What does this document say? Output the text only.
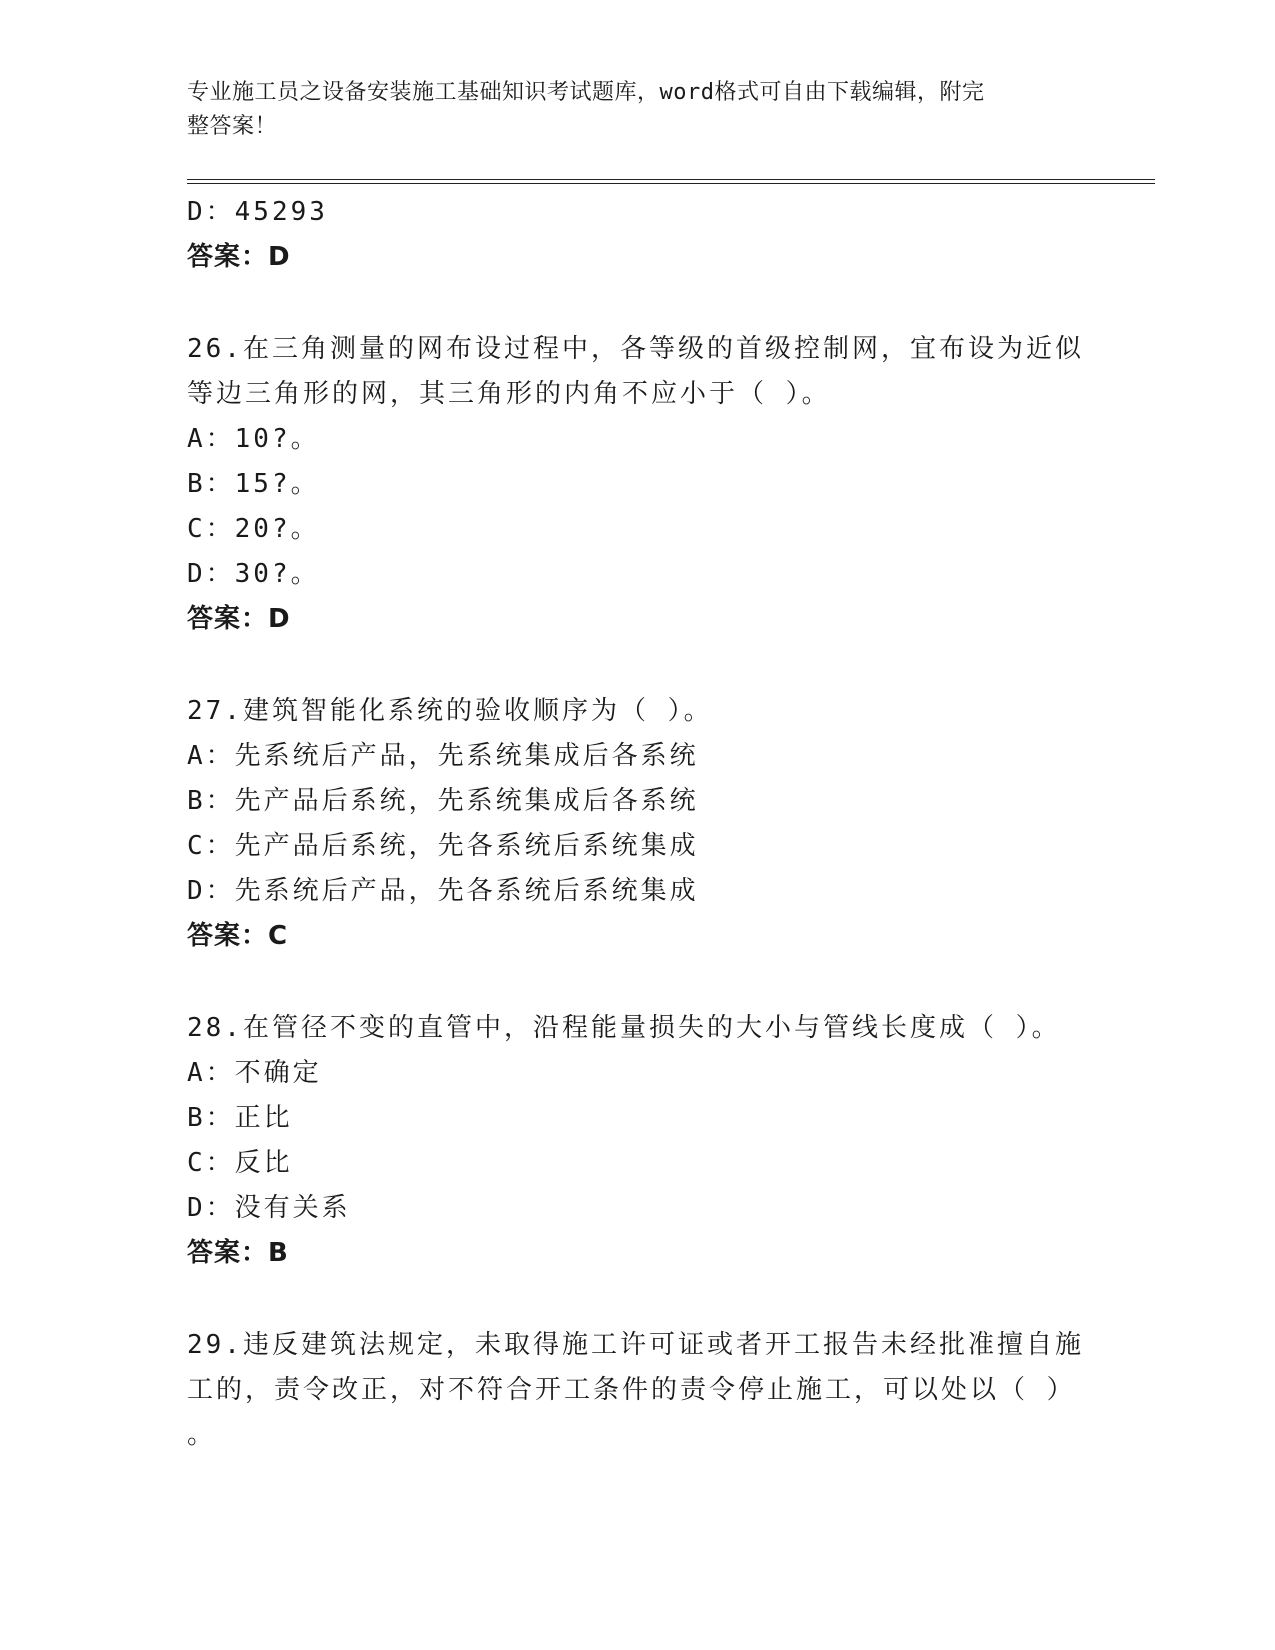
专业施工员之设备安装施工基础知识考试题库，word格式可自由下载编辑，附完
整答案！
D：45293
答案：D
26.在三角测量的网布设过程中，各等级的首级控制网，宜布设为近似
等边三角形的网，其三角形的内角不应小于（ ）。
A：10?。
B：15?。
C：20?。
D：30?。
答案：D
27.建筑智能化系统的验收顺序为（ ）。
A：先系统后产品，先系统集成后各系统
B：先产品后系统，先系统集成后各系统
C：先产品后系统，先各系统后系统集成
D：先系统后产品，先各系统后系统集成
答案：C
28.在管径不变的直管中，沿程能量损失的大小与管线长度成（ ）。
A：不确定
B：正比
C：反比
D：没有关系
答案：B
29.违反建筑法规定，未取得施工许可证或者开工报告未经批准擅自施
工的，责令改正，对不符合开工条件的责令停止施工，可以处以（ ）
。
